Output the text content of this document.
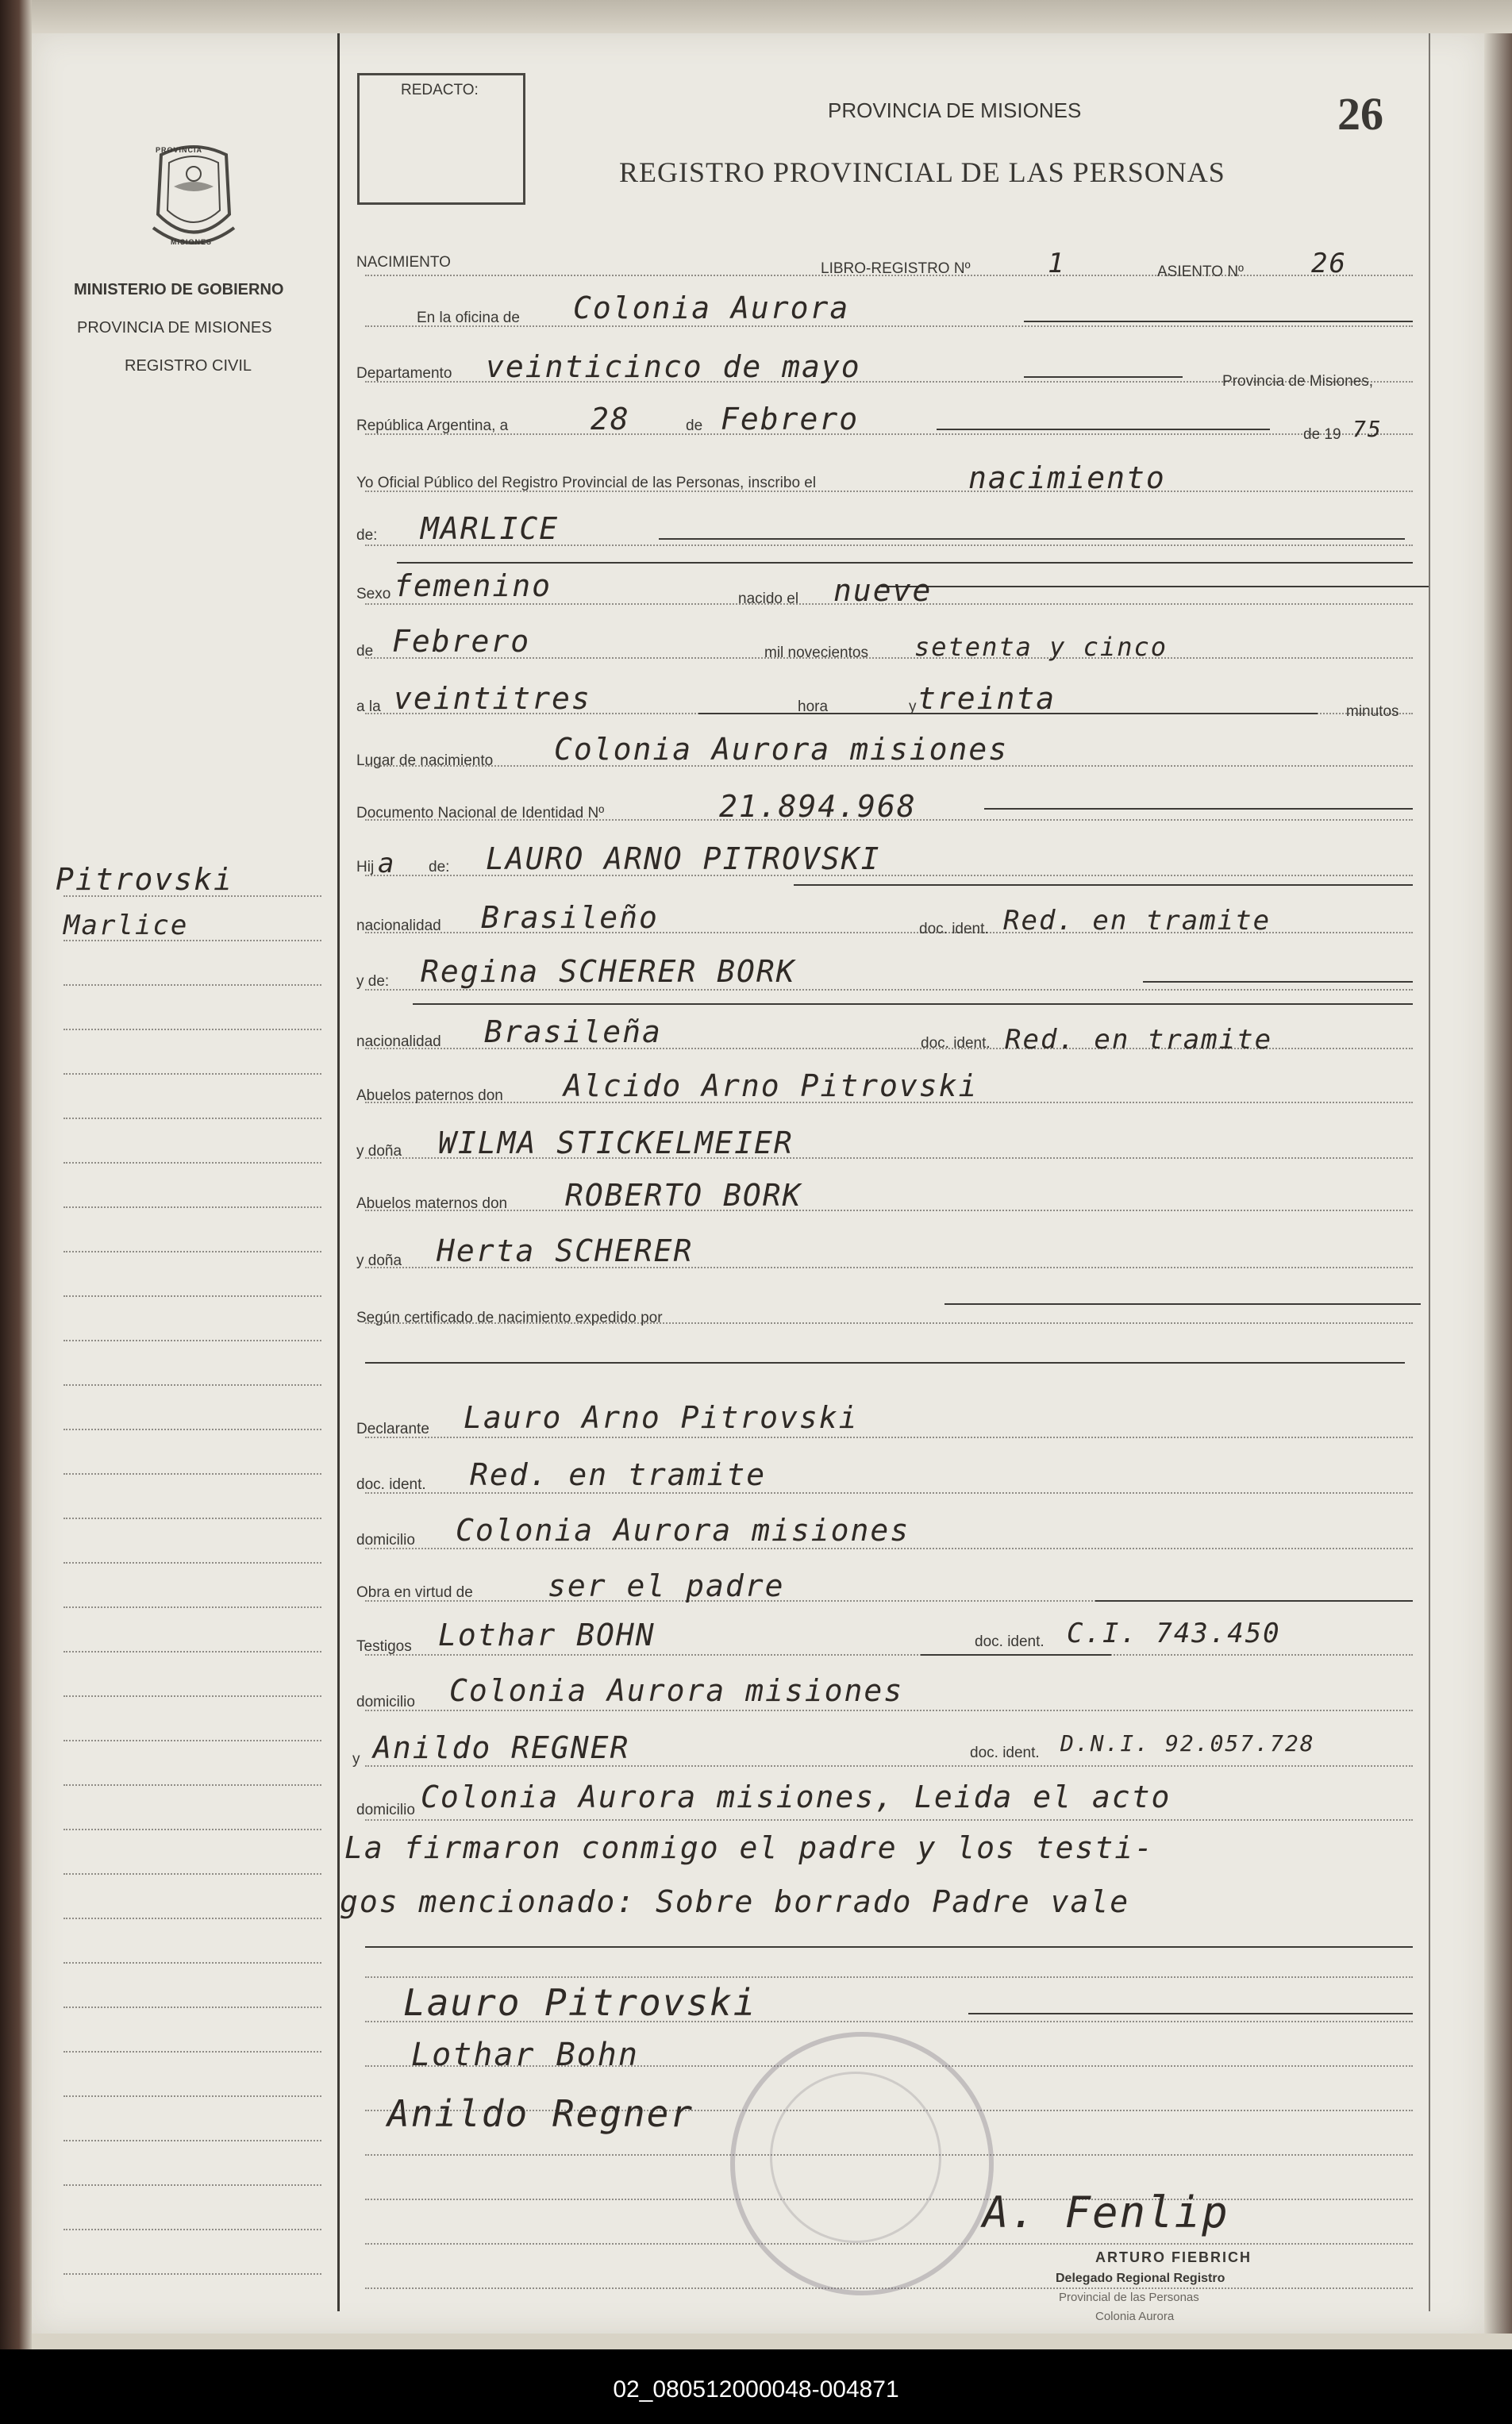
PROVINCIA
MISIONES
MINISTERIO DE GOBIERNO
PROVINCIA DE MISIONES
REGISTRO CIVIL
Pitrovski
Marlice
REDACTO:
PROVINCIA DE MISIONES
REGISTRO PROVINCIAL DE LAS PERSONAS
26
NACIMIENTO	LIBRO-REGISTRO Nº	1	ASIENTO Nº	26
En la oficina de Colonia Aurora
Departamento veinticinco de mayo	Provincia de Misiones,
República Argentina, a	28	de Febrero	de 19 75
Yo Oficial Público del Registro Provincial de las Personas, inscribo el	nacimiento
de: MARLICE
Sexo femenino	nacido el nueve
de Febrero	mil novecientos setenta y cinco
a la veintitres	hora	y treinta	minutos
Lugar de nacimiento Colonia Aurora misiones
Documento Nacional de Identidad Nº	21.894.968
Hij a de: LAURO ARNO PITROVSKI
nacionalidad Brasileño	doc. ident. Red. en tramite
y de: Regina SCHERER BORK
nacionalidad Brasileña	doc. ident. Red. en tramite
Abuelos paternos don Alcido Arno Pitrovski
y doña WILMA STICKELMEIER
Abuelos maternos don ROBERTO BORK
y doña Herta SCHERER
Según certificado de nacimiento expedido por
Declarante Lauro Arno Pitrovski
doc. ident. Red. en tramite
domicilio Colonia Aurora misiones
Obra en virtud de ser el padre
Testigos Lothar BOHN	doc. ident. C.I. 743.450
domicilio Colonia Aurora misiones
y Anildo REGNER	doc. ident. D.N.I. 92.057.728
domicilio Colonia Aurora misiones, Leida el acto
La firmaron conmigo el padre y los testi-
gos mencionado: Sobre borrado Padre vale
Lauro Pitrovski
Lothar Bohn
Anildo Regner
A. Fenlip
ARTURO FIEBRICH
Delegado Regional Registro
Provincial de las Personas
Colonia Aurora
02_080512000048-004871
